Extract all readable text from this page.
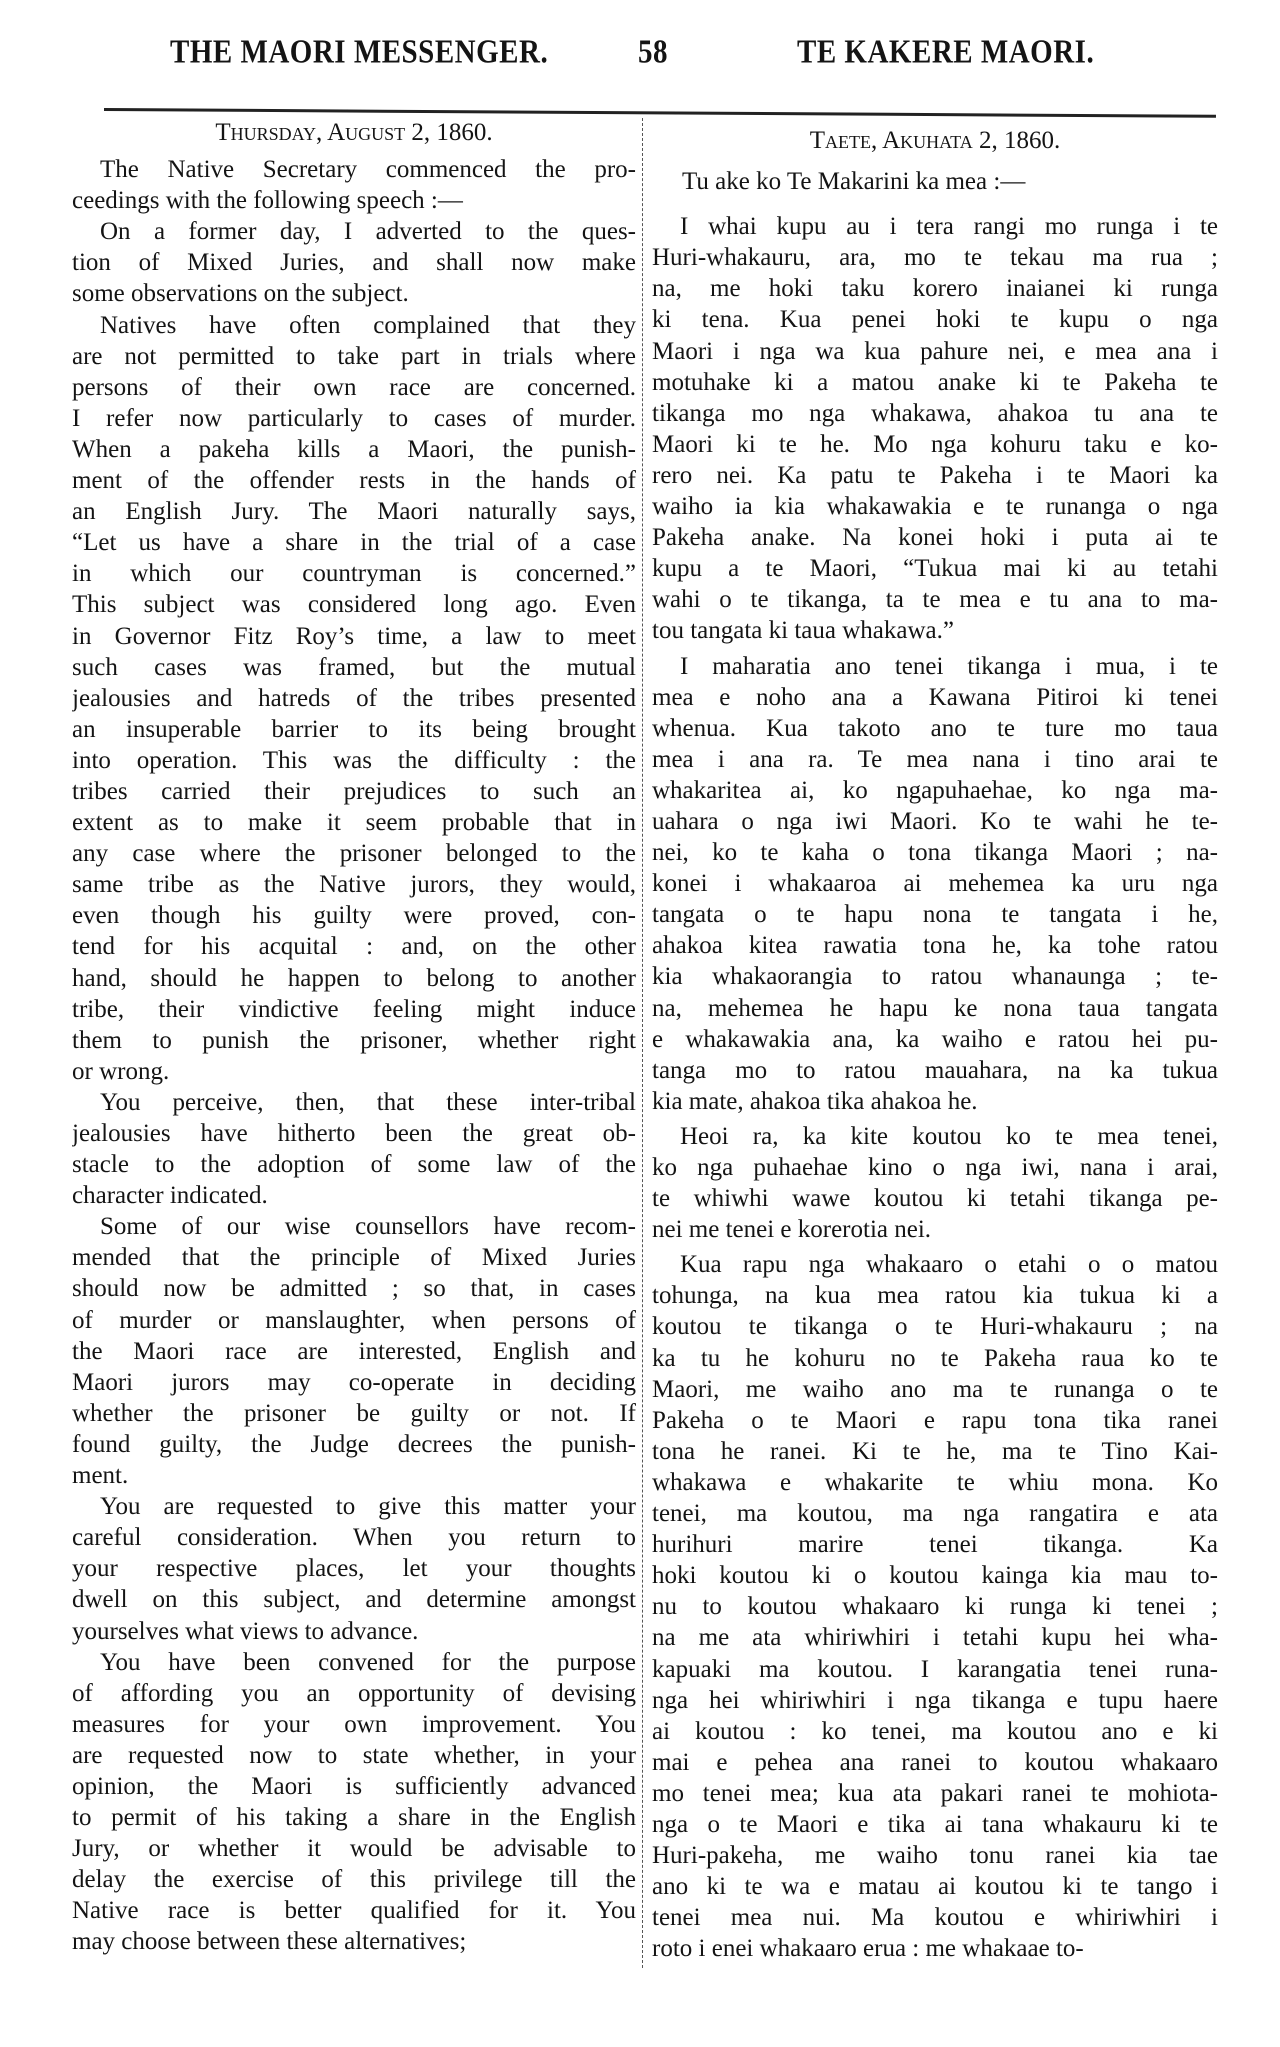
THE MAORI MESSENGER.	58	TE KAKERE MAORI.
Thursday, August 2, 1860.
The Native Secretary commenced the pro-
ceedings with the following speech :—
On a former day, I adverted to the ques-
tion of Mixed Juries, and shall now make
some observations on the subject.
Natives have often complained that they
are not permitted to take part in trials where
persons of their own race are concerned.
I refer now particularly to cases of murder.
When a pakeha kills a Maori, the punish-
ment of the offender rests in the hands of
an English Jury. The Maori naturally says,
“Let us have a share in the trial of a case
in which our countryman is concerned.”
This subject was considered long ago. Even
in Governor Fitz Roy’s time, a law to meet
such cases was framed, but the mutual
jealousies and hatreds of the tribes presented
an insuperable barrier to its being brought
into operation. This was the difficulty : the
tribes carried their prejudices to such an
extent as to make it seem probable that in
any case where the prisoner belonged to the
same tribe as the Native jurors, they would,
even though his guilty were proved, con-
tend for his acquital : and, on the other
hand, should he happen to belong to another
tribe, their vindictive feeling might induce
them to punish the prisoner, whether right
or wrong.
You perceive, then, that these inter-tribal
jealousies have hitherto been the great ob-
stacle to the adoption of some law of the
character indicated.
Some of our wise counsellors have recom-
mended that the principle of Mixed Juries
should now be admitted ; so that, in cases
of murder or manslaughter, when persons of
the Maori race are interested, English and
Maori jurors may co-operate in deciding
whether the prisoner be guilty or not. If
found guilty, the Judge decrees the punish-
ment.
You are requested to give this matter your
careful consideration. When you return to
your respective places, let your thoughts
dwell on this subject, and determine amongst
yourselves what views to advance.
You have been convened for the purpose
of affording you an opportunity of devising
measures for your own improvement. You
are requested now to state whether, in your
opinion, the Maori is sufficiently advanced
to permit of his taking a share in the English
Jury, or whether it would be advisable to
delay the exercise of this privilege till the
Native race is better qualified for it. You
may choose between these alternatives;
Taete, Akuhata 2, 1860.
Tu ake ko Te Makarini ka mea :—
I whai kupu au i tera rangi mo runga i te
Huri-whakauru, ara, mo te tekau ma rua ;
na, me hoki taku korero inaianei ki runga
ki tena. Kua penei hoki te kupu o nga
Maori i nga wa kua pahure nei, e mea ana i
motuhake ki a matou anake ki te Pakeha te
tikanga mo nga whakawa, ahakoa tu ana te
Maori ki te he. Mo nga kohuru taku e ko-
rero nei. Ka patu te Pakeha i te Maori ka
waiho ia kia whakawakia e te runanga o nga
Pakeha anake. Na konei hoki i puta ai te
kupu a te Maori, “Tukua mai ki au tetahi
wahi o te tikanga, ta te mea e tu ana to ma-
tou tangata ki taua whakawa.”
I maharatia ano tenei tikanga i mua, i te
mea e noho ana a Kawana Pitiroi ki tenei
whenua. Kua takoto ano te ture mo taua
mea i ana ra. Te mea nana i tino arai te
whakaritea ai, ko ngapuhaehae, ko nga ma-
uahara o nga iwi Maori. Ko te wahi he te-
nei, ko te kaha o tona tikanga Maori ; na-
konei i whakaaroa ai mehemea ka uru nga
tangata o te hapu nona te tangata i he,
ahakoa kitea rawatia tona he, ka tohe ratou
kia whakaorangia to ratou whanaunga ; te-
na, mehemea he hapu ke nona taua tangata
e whakawakia ana, ka waiho e ratou hei pu-
tanga mo to ratou mauahara, na ka tukua
kia mate, ahakoa tika ahakoa he.
Heoi ra, ka kite koutou ko te mea tenei,
ko nga puhaehae kino o nga iwi, nana i arai,
te whiwhi wawe koutou ki tetahi tikanga pe-
nei me tenei e korerotia nei.
Kua rapu nga whakaaro o etahi o o matou
tohunga, na kua mea ratou kia tukua ki a
koutou te tikanga o te Huri-whakauru ; na
ka tu he kohuru no te Pakeha raua ko te
Maori, me waiho ano ma te runanga o te
Pakeha o te Maori e rapu tona tika ranei
tona he ranei. Ki te he, ma te Tino Kai-
whakawa e whakarite te whiu mona. Ko
tenei, ma koutou, ma nga rangatira e ata
hurihuri marire tenei tikanga. Ka
hoki koutou ki o koutou kainga kia mau to-
nu to koutou whakaaro ki runga ki tenei ;
na me ata whiriwhiri i tetahi kupu hei wha-
kapuaki ma koutou. I karangatia tenei runa-
nga hei whiriwhiri i nga tikanga e tupu haere
ai koutou : ko tenei, ma koutou ano e ki
mai e pehea ana ranei to koutou whakaaro
mo tenei mea; kua ata pakari ranei te mohiota-
nga o te Maori e tika ai tana whakauru ki te
Huri-pakeha, me waiho tonu ranei kia tae
ano ki te wa e matau ai koutou ki te tango i
tenei mea nui. Ma koutou e whiriwhiri i
roto i enei whakaaro erua : me whakaae to-
